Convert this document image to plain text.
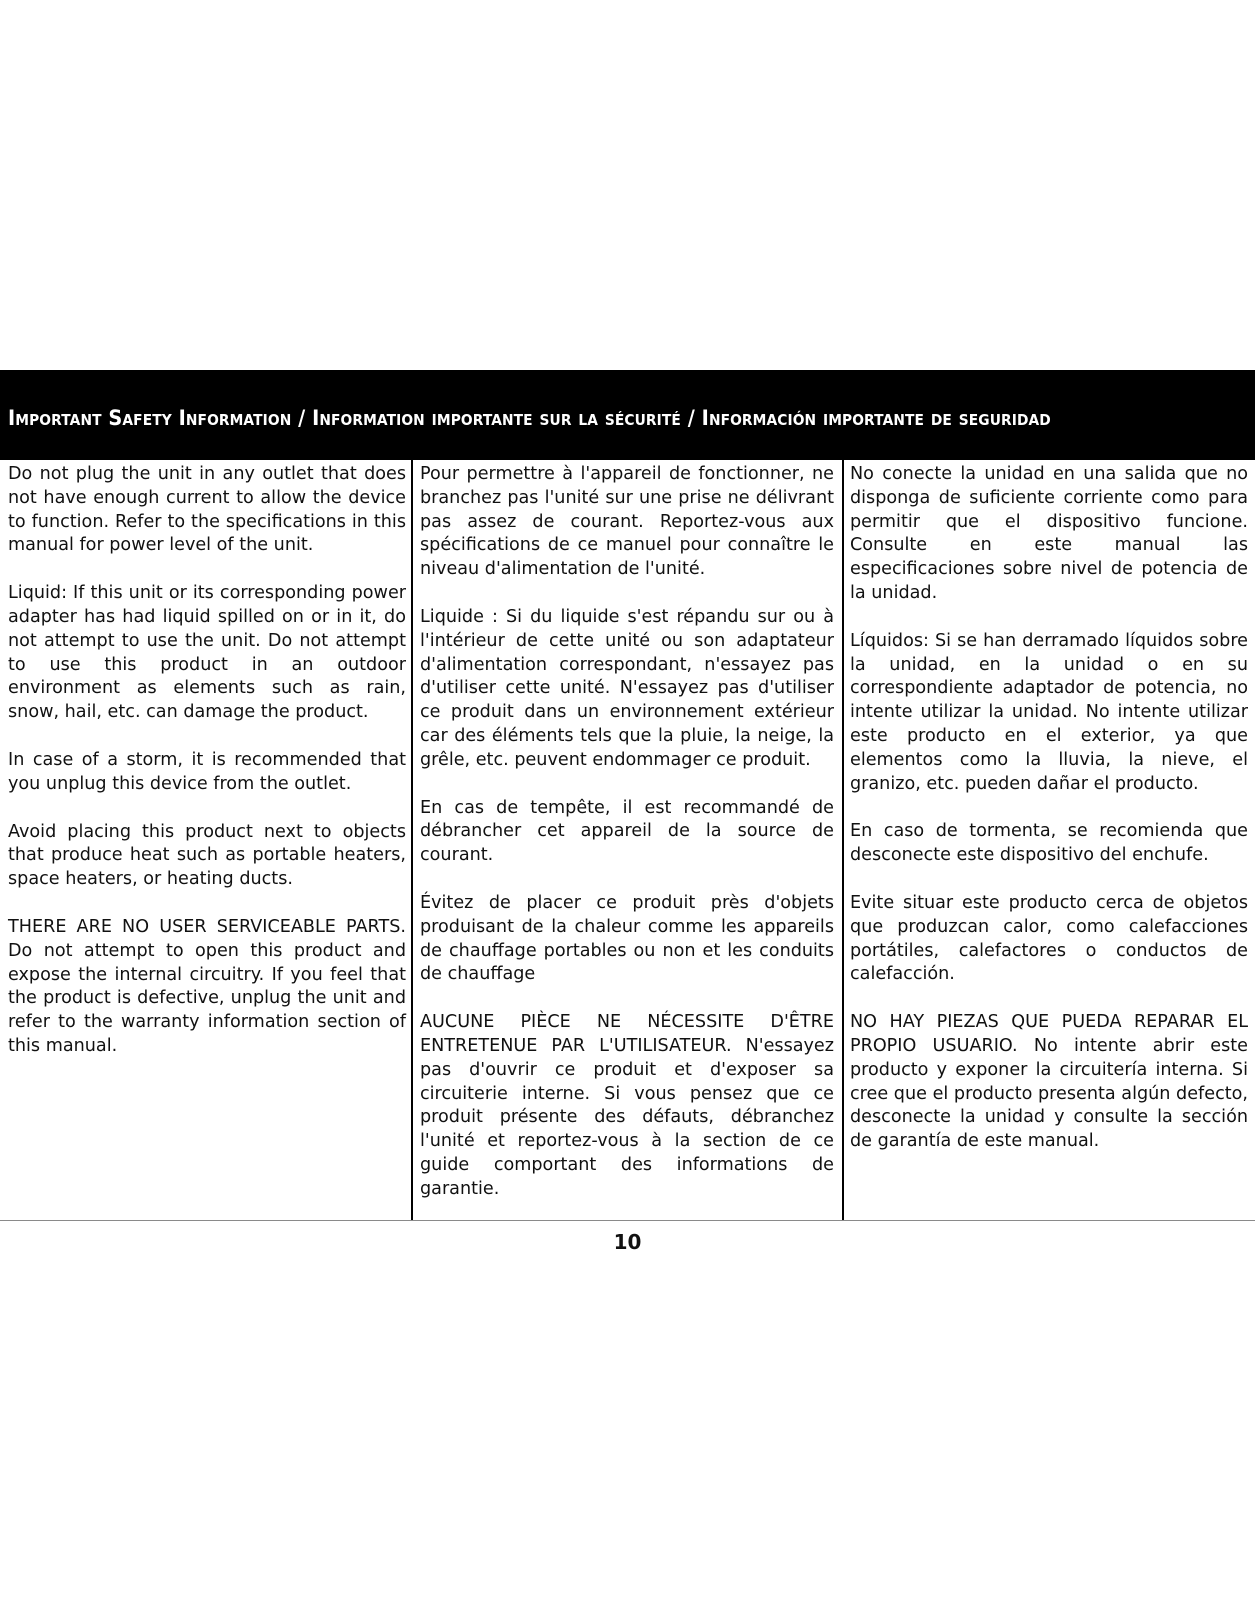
Important Safety Information / Information importante sur la sécurité / Información importante de seguridad

Do not plug the unit in any outlet that does not have enough current to allow the device to function. Refer to the specifications in this manual for power level of the unit.

Liquid: If this unit or its corresponding power adapter has had liquid spilled on or in it, do not attempt to use the unit. Do not attempt to use this product in an outdoor environment as elements such as rain, snow, hail, etc. can damage the product.

In case of a storm, it is recommended that you unplug this device from the outlet.

Avoid placing this product next to objects that produce heat such as portable heaters, space heaters, or heating ducts.

THERE ARE NO USER SERVICEABLE PARTS. Do not attempt to open this product and expose the internal circuitry. If you feel that the product is defective, unplug the unit and refer to the warranty information section of this manual.

Pour permettre à l'appareil de fonctionner, ne branchez pas l'unité sur une prise ne délivrant pas assez de courant. Reportez-vous aux spécifications de ce manuel pour connaître le niveau d'alimentation de l'unité.

Liquide : Si du liquide s'est répandu sur ou à l'intérieur de cette unité ou son adaptateur d'alimentation correspondant, n'essayez pas d'utiliser cette unité. N'essayez pas d'utiliser ce produit dans un environnement extérieur car des éléments tels que la pluie, la neige, la grêle, etc. peuvent endommager ce produit.

En cas de tempête, il est recommandé de débrancher cet appareil de la source de courant.

Évitez de placer ce produit près d'objets produisant de la chaleur comme les appareils de chauffage portables ou non et les conduits de chauffage

AUCUNE PIÈCE NE NÉCESSITE D'ÊTRE ENTRETENUE PAR L'UTILISATEUR. N'essayez pas d'ouvrir ce produit et d'exposer sa circuiterie interne. Si vous pensez que ce produit présente des défauts, débranchez l'unité et reportez-vous à la section de ce guide comportant des informations de garantie.

No conecte la unidad en una salida que no disponga de suficiente corriente como para permitir que el dispositivo funcione. Consulte en este manual las especificaciones sobre nivel de potencia de la unidad.

Líquidos: Si se han derramado líquidos sobre la unidad, en la unidad o en su correspondiente adaptador de potencia, no intente utilizar la unidad. No intente utilizar este producto en el exterior, ya que elementos como la lluvia, la nieve, el granizo, etc. pueden dañar el producto.

En caso de tormenta, se recomienda que desconecte este dispositivo del enchufe.

Evite situar este producto cerca de objetos que produzcan calor, como calefacciones portátiles, calefactores o conductos de calefacción.

NO HAY PIEZAS QUE PUEDA REPARAR EL PROPIO USUARIO. No intente abrir este producto y exponer la circuitería interna. Si cree que el producto presenta algún defecto, desconecte la unidad y consulte la sección de garantía de este manual.

10
